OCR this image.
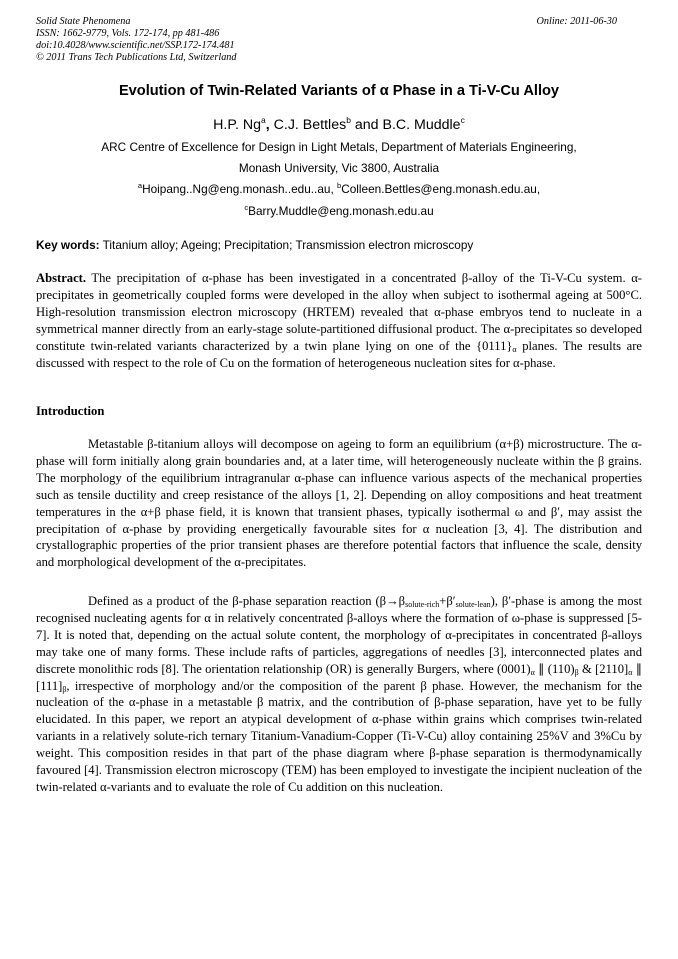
Solid State Phenomena
ISSN: 1662-9779, Vols. 172-174, pp 481-486
doi:10.4028/www.scientific.net/SSP.172-174.481
© 2011 Trans Tech Publications Ltd, Switzerland
Online: 2011-06-30
Evolution of Twin-Related Variants of α Phase in a Ti-V-Cu Alloy
H.P. Ng$^a$, C.J. Bettles$^b$ and B.C. Muddle$^c$
ARC Centre of Excellence for Design in Light Metals, Department of Materials Engineering,
Monash University, Vic 3800, Australia
$^a$Hoipang..Ng@eng.monash..edu..au, $^b$Colleen.Bettles@eng.monash.edu.au,
$^c$Barry.Muddle@eng.monash.edu.au
Key words: Titanium alloy; Ageing; Precipitation; Transmission electron microscopy
Abstract. The precipitation of α-phase has been investigated in a concentrated β-alloy of the Ti-V-Cu system. α-precipitates in geometrically coupled forms were developed in the alloy when subject to isothermal ageing at 500°C. High-resolution transmission electron microscopy (HRTEM) revealed that α-phase embryos tend to nucleate in a symmetrical manner directly from an early-stage solute-partitioned diffusional product. The α-precipitates so developed constitute twin-related variants characterized by a twin plane lying on one of the $\{0111\}_\alpha$ planes. The results are discussed with respect to the role of Cu on the formation of heterogeneous nucleation sites for α-phase.
Introduction
Metastable β-titanium alloys will decompose on ageing to form an equilibrium (α+β) microstructure. The α-phase will form initially along grain boundaries and, at a later time, will heterogeneously nucleate within the β grains. The morphology of the equilibrium intragranular α-phase can influence various aspects of the mechanical properties such as tensile ductility and creep resistance of the alloys [1, 2]. Depending on alloy compositions and heat treatment temperatures in the α+β phase field, it is known that transient phases, typically isothermal ω and β′, may assist the precipitation of α-phase by providing energetically favourable sites for α nucleation [3, 4]. The distribution and crystallographic properties of the prior transient phases are therefore potential factors that influence the scale, density and morphological development of the α-precipitates.
Defined as a product of the β-phase separation reaction $(\beta\to\beta_{solute-rich}+\beta'_{solute-lean})$, β′-phase is among the most recognised nucleating agents for α in relatively concentrated β-alloys where the formation of ω-phase is suppressed [5-7]. It is noted that, depending on the actual solute content, the morphology of α-precipitates in concentrated β-alloys may take one of many forms. These include rafts of particles, aggregations of needles [3], interconnected plates and discrete monolithic rods [8]. The orientation relationship (OR) is generally Burgers, where $(0001)_\alpha$ ∥ $(110)_\beta$ & $[2110]_\alpha$ ∥ $[111]_\beta$, irrespective of morphology and/or the composition of the parent β phase. However, the mechanism for the nucleation of the α-phase in a metastable β matrix, and the contribution of β-phase separation, have yet to be fully elucidated. In this paper, we report an atypical development of α-phase within grains which comprises twin-related variants in a relatively solute-rich ternary Titanium-Vanadium-Copper (Ti-V-Cu) alloy containing 25%V and 3%Cu by weight. This composition resides in that part of the phase diagram where β-phase separation is thermodynamically favoured [4]. Transmission electron microscopy (TEM) has been employed to investigate the incipient nucleation of the twin-related α-variants and to evaluate the role of Cu addition on this nucleation.
